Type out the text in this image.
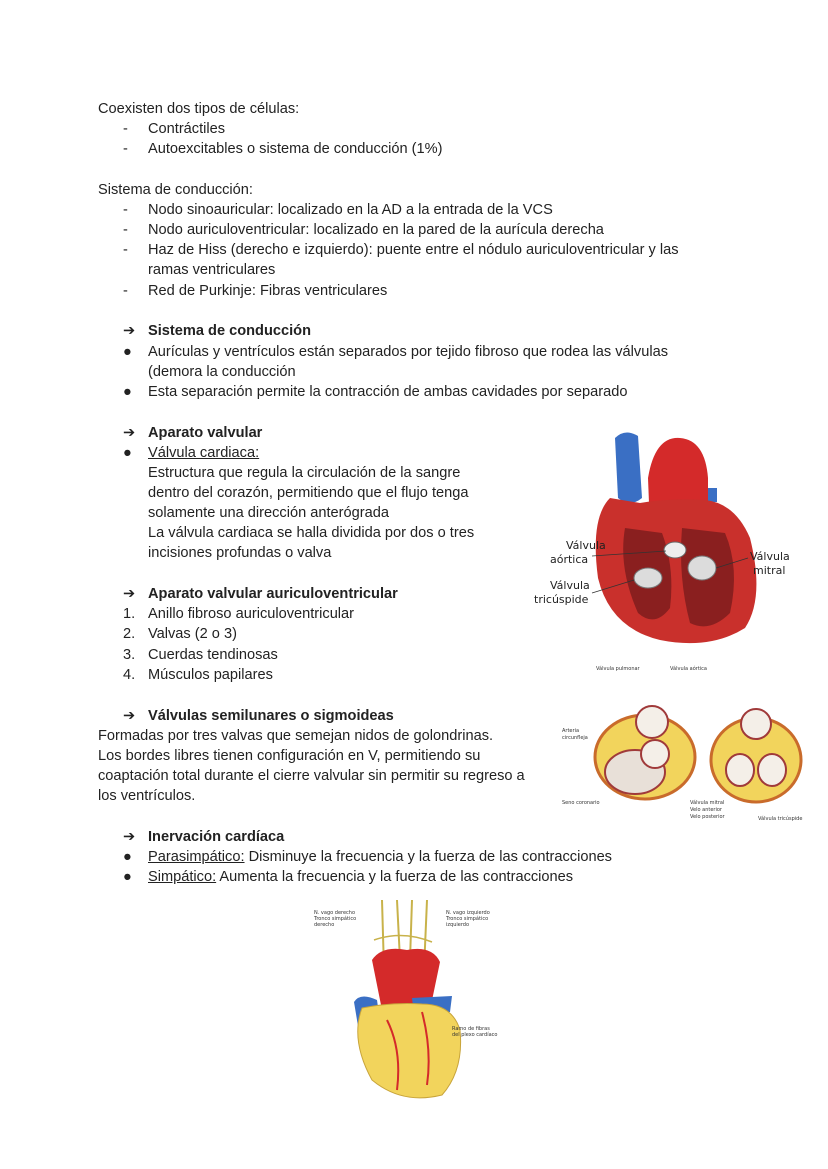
Coexisten dos tipos de células:
- Contráctiles
- Autoexcitables o sistema de conducción (1%)
Sistema de conducción:
- Nodo sinoauricular: localizado en la AD a la entrada de la VCS
- Nodo auriculoventricular: localizado en la pared de la aurícula derecha
- Haz de Hiss (derecho e izquierdo): puente entre el nódulo auriculoventricular y las
ramas ventriculares
- Red de Purkinje: Fibras ventriculares
➔ Sistema de conducción
● Aurículas y ventrículos están separados por tejido fibroso que rodea las válvulas
(demora la conducción
● Esta separación permite la contracción de ambas cavidades por separado
➔ Aparato valvular
● Válvula cardiaca:
Estructura que regula la circulación de la sangre
dentro del corazón, permitiendo que el flujo tenga
solamente una dirección anterógrada
La válvula cardiaca se halla dividida por dos o tres
incisiones profundas o valva
➔ Aparato valvular auriculoventricular
1. Anillo fibroso auriculoventricular
2. Valvas (2 o 3)
3. Cuerdas tendinosas
4. Músculos papilares
➔ Válvulas semilunares o sigmoideas
Formadas por tres valvas que semejan nidos de golondrinas.
Los bordes libres tienen configuración en V, permitiendo su
coaptación total durante el cierre valvular sin permitir su regreso a
los ventrículos.
➔ Inervación cardíaca
● Parasimpático: Disminuye la frecuencia y la fuerza de las contracciones
● Simpático: Aumenta la frecuencia y la fuerza de las contracciones
Válvula
aórtica
Válvula
tricúspide
Válvula
mitral
Válvula pulmonar	Válvula aórtica
Arteria
circunfleja
Seno coronario	Válvula mitral
Velo anterior
Velo posterior	Válvula tricúspide
N. vago derecho
Tronco simpático
derecho
N. vago izquierdo
Tronco simpático
izquierdo
Ramo de fibras
del plexo cardíaco
